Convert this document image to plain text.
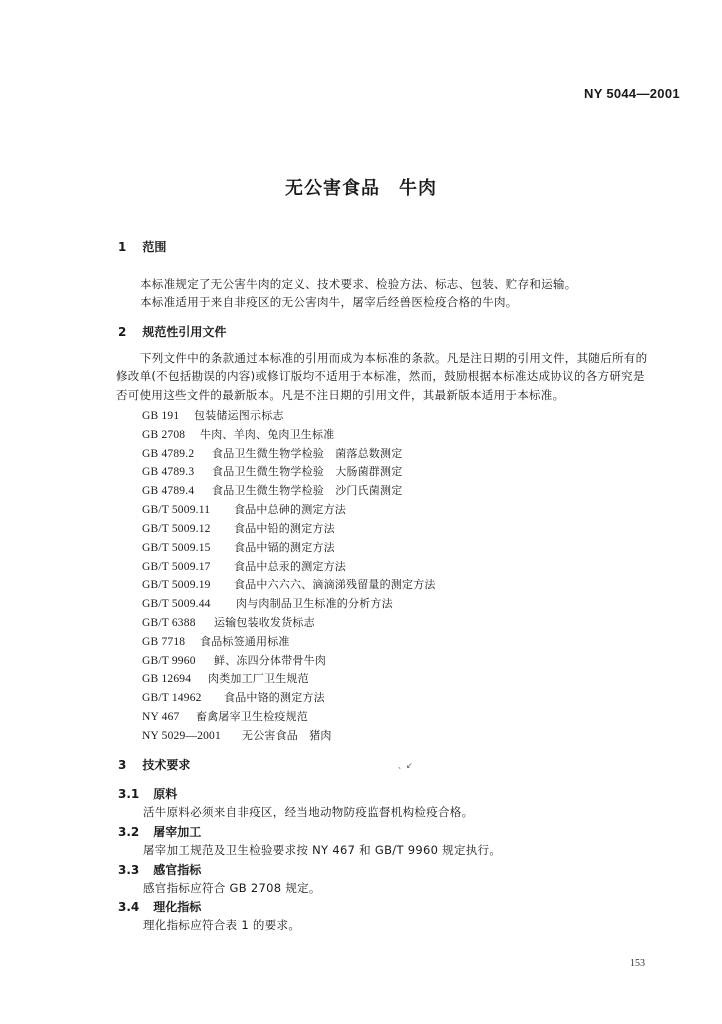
NY 5044—2001
无公害食品　牛肉
1 范围
本标准规定了无公害牛肉的定义、技术要求、检验方法、标志、包装、贮存和运输。
本标准适用于来自非疫区的无公害肉牛，屠宰后经兽医检疫合格的牛肉。
2 规范性引用文件
下列文件中的条款通过本标准的引用而成为本标准的条款。凡是注日期的引用文件，其随后所有的
修改单(不包括勘误的内容)或修订版均不适用于本标准，然而，鼓励根据本标准达成协议的各方研究是
否可使用这些文件的最新版本。凡是不注日期的引用文件，其最新版本适用于本标准。
GB 191 包装储运图示标志
GB 2708 牛肉、羊肉、兔肉卫生标准
GB 4789.2 食品卫生微生物学检验　菌落总数测定
GB 4789.3 食品卫生微生物学检验　大肠菌群测定
GB 4789.4 食品卫生微生物学检验　沙门氏菌测定
GB/T 5009.11 食品中总砷的测定方法
GB/T 5009.12 食品中铅的测定方法
GB/T 5009.15 食品中镉的测定方法
GB/T 5009.17 食品中总汞的测定方法
GB/T 5009.19 食品中六六六、滴滴涕残留量的测定方法
GB/T 5009.44 肉与肉制品卫生标准的分析方法
GB/T 6388 运输包装收发货标志
GB 7718 食品标签通用标准
GB/T 9960 鲜、冻四分体带骨牛肉
GB 12694 肉类加工厂卫生规范
GB/T 14962 食品中铬的测定方法
NY 467 畜禽屠宰卫生检疫规范
NY 5029—2001 无公害食品　猪肉
3 技术要求	、↙
3.1 原料
活牛原料必须来自非疫区，经当地动物防疫监督机构检疫合格。
3.2 屠宰加工
屠宰加工规范及卫生检验要求按 NY 467 和 GB/T 9960 规定执行。
3.3 感官指标
感官指标应符合 GB 2708 规定。
3.4 理化指标
理化指标应符合表 1 的要求。
153
